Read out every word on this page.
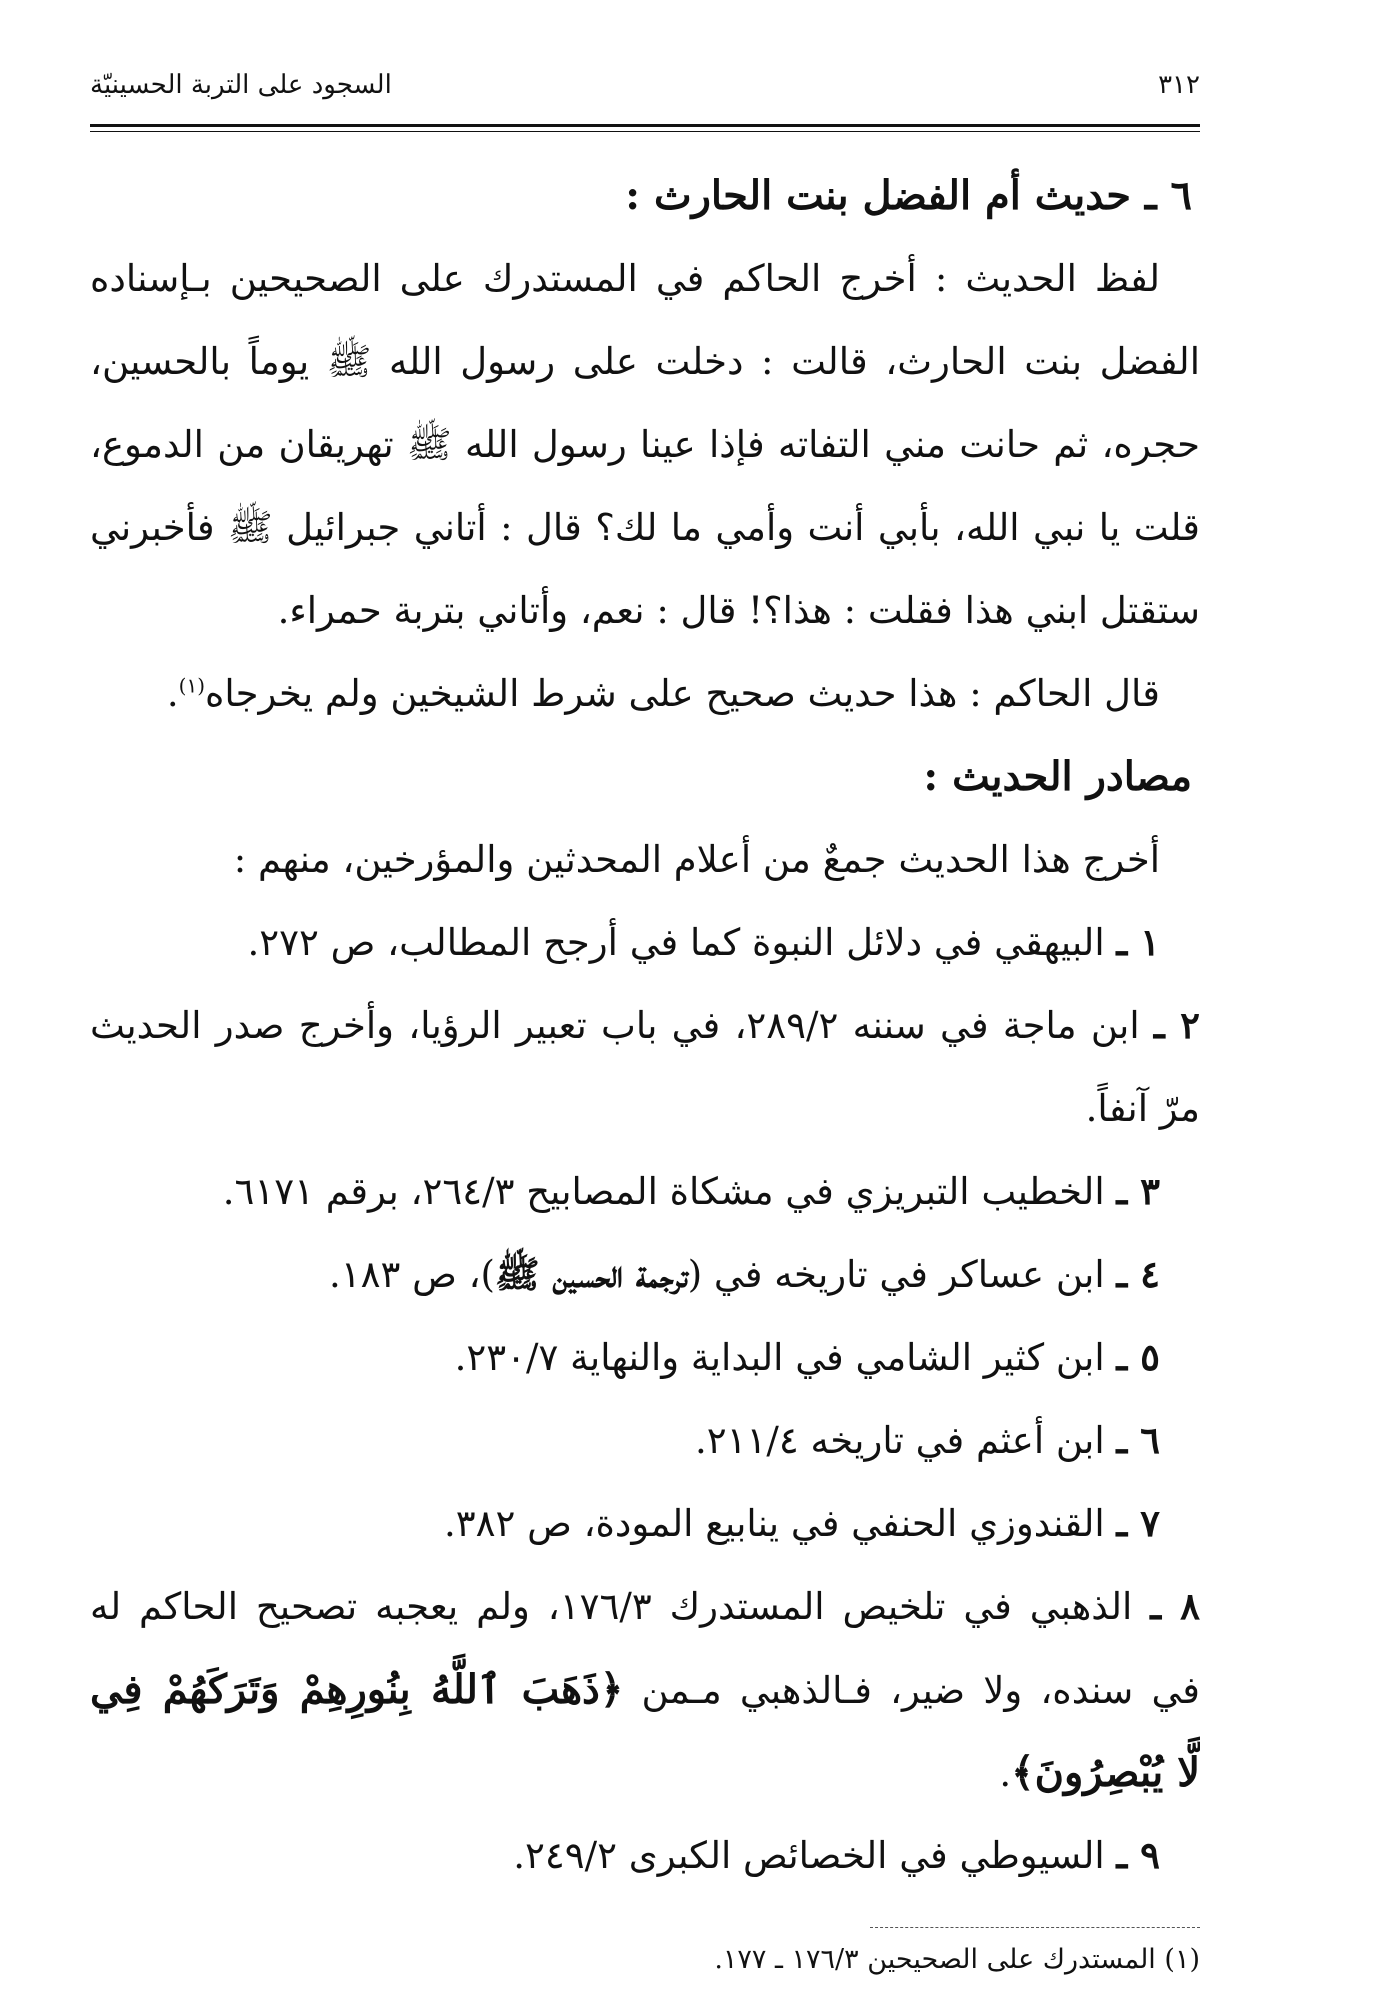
٣١٢
السجود على التربة الحسينيّة
٦ ـ حديث أم الفضل بنت الحارث :
لفظ الحديث : أخرج الحاكم في المستدرك على الصحيحين بـإسناده
الفضل بنت الحارث، قالت : دخلت على رسول الله ﷺ يوماً بالحسين،
حجره، ثم حانت مني التفاته فإذا عينا رسول الله ﷺ تهريقان من الدموع،
قلت يا نبي الله، بأبي أنت وأمي ما لك؟ قال : أتاني جبرائيل ﷺ فأخبرني
ستقتل ابني هذا فقلت : هذا؟! قال : نعم، وأتاني بتربة حمراء.
قال الحاكم : هذا حديث صحيح على شرط الشيخين ولم يخرجاه$^{(١)}$.
مصادر الحديث :
أخرج هذا الحديث جمعٌ من أعلام المحدثين والمؤرخين، منهم :
١ ـ البيهقي في دلائل النبوة كما في أرجح المطالب، ص ٢٧٢.
٢ ـ ابن ماجة في سننه ٢٨٩/٢، في باب تعبير الرؤيا، وأخرج صدر الحديث
مرّ آنفاً.
٣ ـ الخطيب التبريزي في مشكاة المصابيح ٢٦٤/٣، برقم ٦١٧١.
٤ ـ ابن عساكر في تاريخه في (ترجمة الحسين ﷺ)، ص ١٨٣.
٥ ـ ابن كثير الشامي في البداية والنهاية ٢٣٠/٧.
٦ ـ ابن أعثم في تاريخه ٢١١/٤.
٧ ـ القندوزي الحنفي في ينابيع المودة، ص ٣٨٢.
٨ ـ الذهبي في تلخيص المستدرك ١٧٦/٣، ولم يعجبه تصحيح الحاكم له
في سنده، ولا ضير، فـالذهبي مـمن ﴿ذَهَبَ ٱللَّهُ بِنُورِهِمْ وَتَرَكَهُمْ فِي
لَّا يُبْصِرُونَ﴾.
٩ ـ السيوطي في الخصائص الكبرى ٢٤٩/٢.
(١) المستدرك على الصحيحين ١٧٦/٣ ـ ١٧٧.
